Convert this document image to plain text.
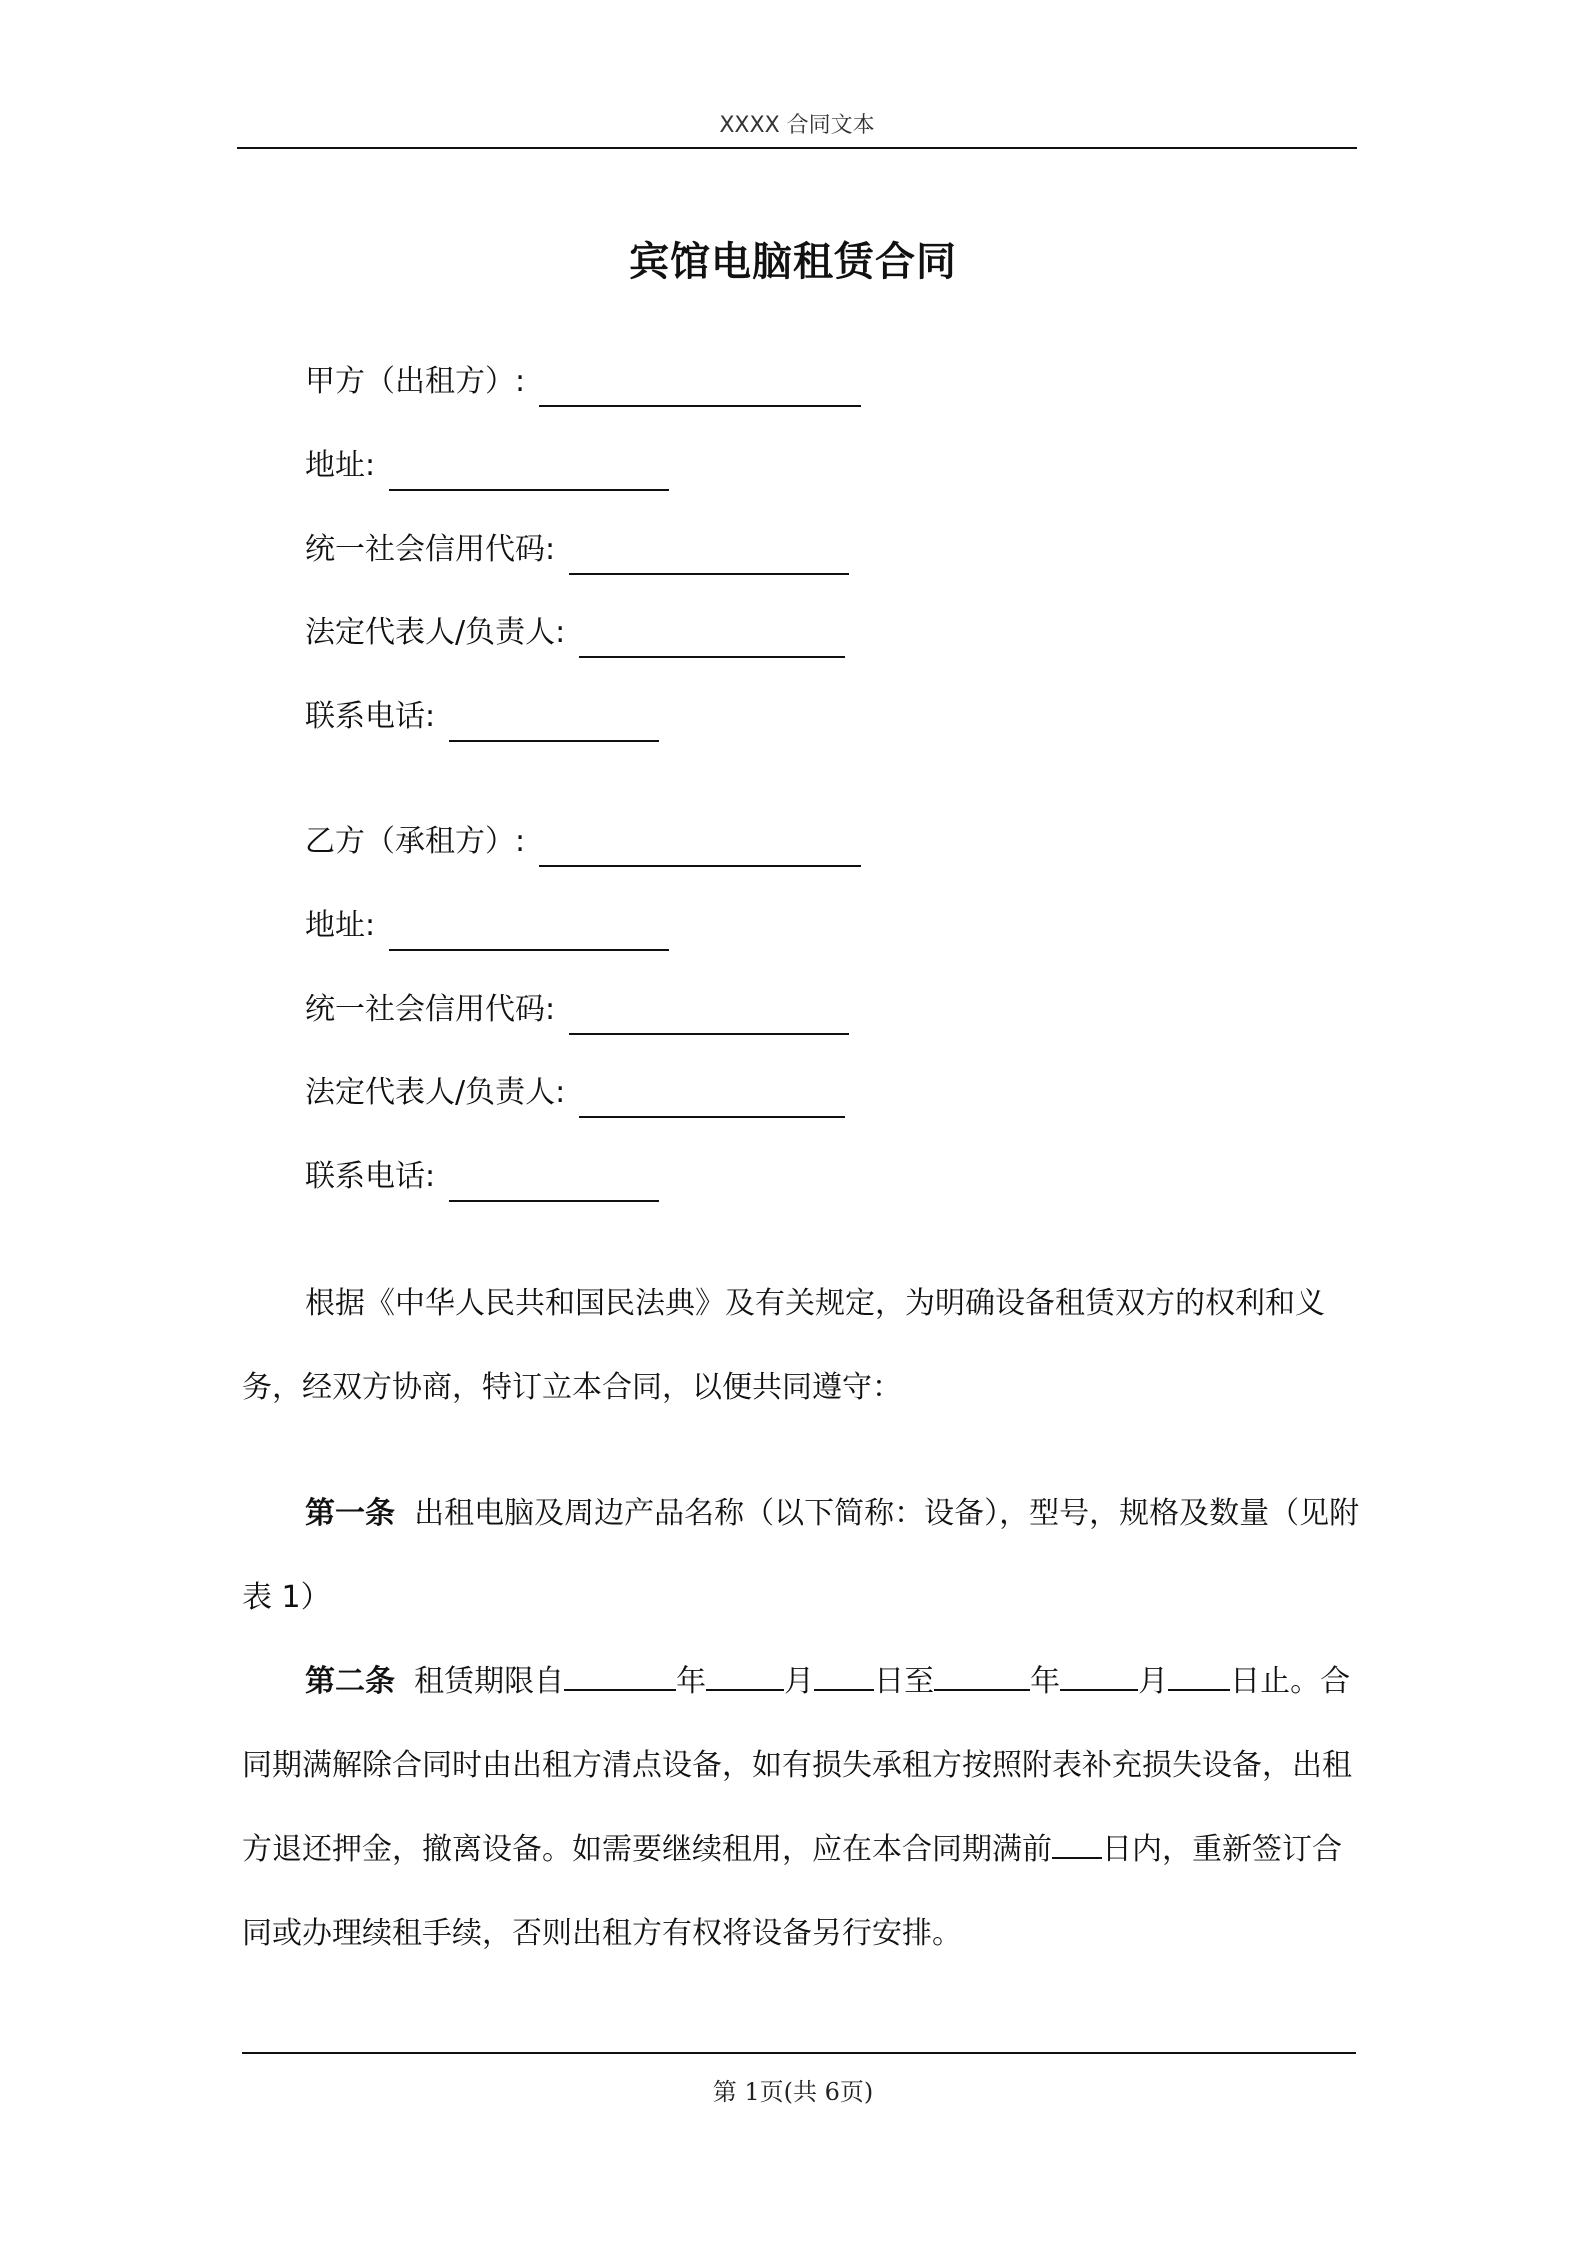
XXXX 合同文本
宾馆电脑租赁合同
甲方（出租方）:
地址:
统一社会信用代码:
法定代表人/负责人:
联系电话:
乙方（承租方）:
地址:
统一社会信用代码:
法定代表人/负责人:
联系电话:
根据《中华人民共和国民法典》及有关规定，为明确设备租赁双方的权利和义务，经双方协商，特订立本合同，以便共同遵守：
第一条 出租电脑及周边产品名称（以下简称：设备），型号，规格及数量（见附表 1）
第二条 租赁期限自	年	月 日至	年	月 日止。合同期满解除合同时由出租方清点设备，如有损失承租方按照附表补充损失设备，出租方退还押金，撤离设备。如需要继续租用，应在本合同期满前 日内，重新签订合同或办理续租手续，否则出租方有权将设备另行安排。
第 1页(共 6页)
